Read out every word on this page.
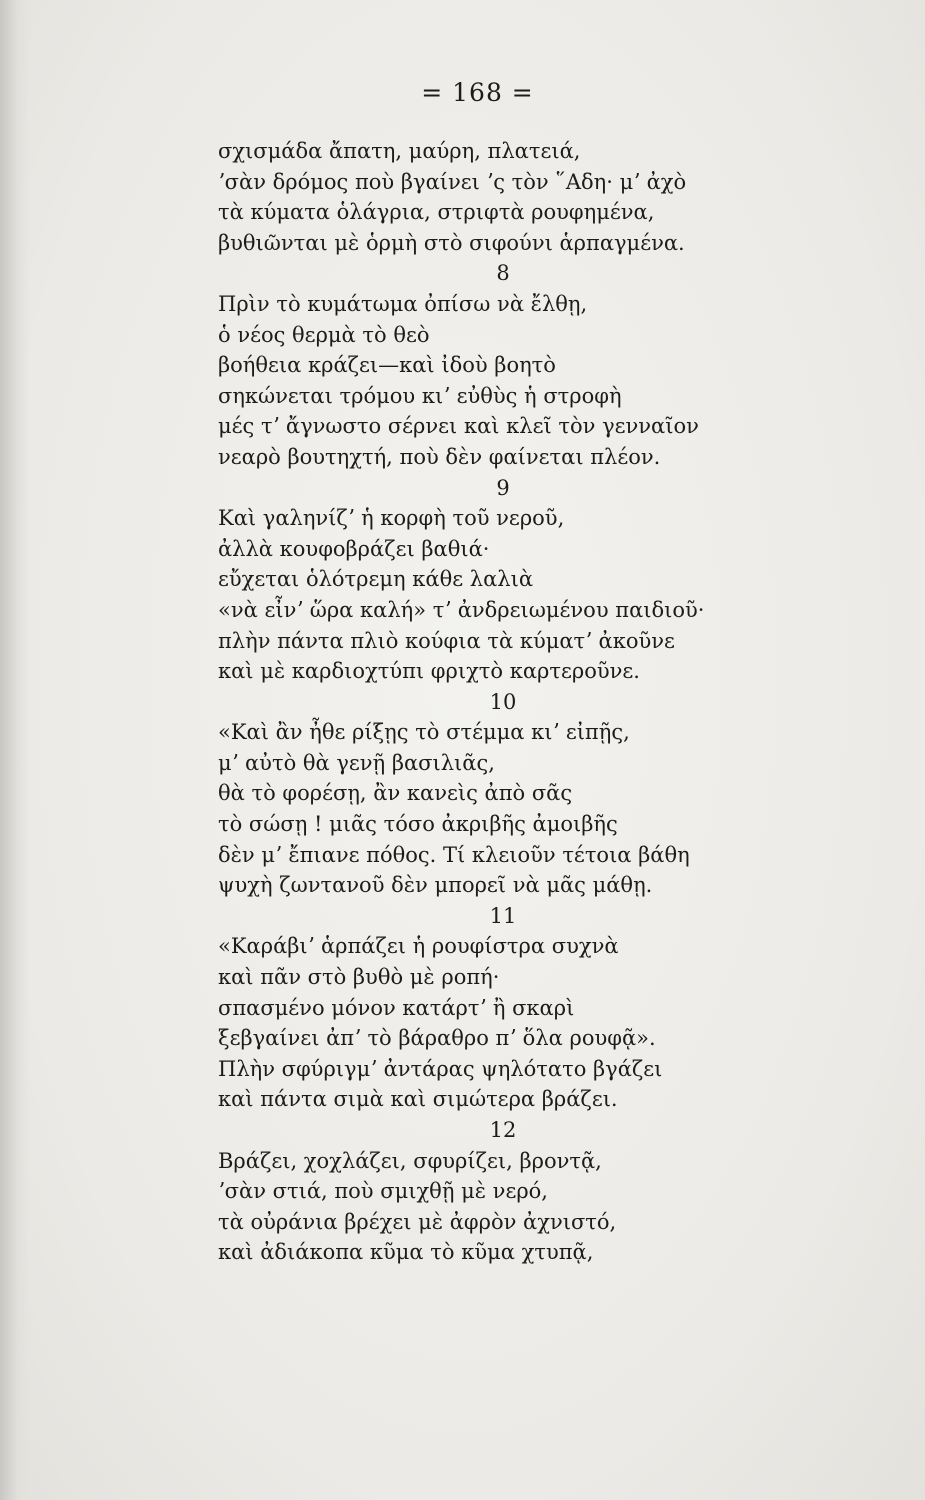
= 168 =
σχισμάδα ἄπατη, μαύρη, πλατειά,
ʼσὰν δρόμος ποὺ βγαίνει ʼς τὸν ῞Αδη· μʼ ἀχὸ
τὰ κύματα ὁλάγρια, στριφτὰ ρουφημένα,
βυθιῶνται μὲ ὁρμὴ στὸ σιφούνι ἁρπαγμένα.
8
Πρὶν τὸ κυμάτωμα ὀπίσω νὰ ἔλθῃ,
ὁ νέος θερμὰ τὸ θεὸ
βοήθεια κράζει—καὶ ἰδοὺ βοητὸ
σηκώνεται τρόμου κιʼ εὐθὺς ἡ στροφὴ
μές τʼ ἄγνωστο σέρνει καὶ κλεῖ τὸν γενναῖον
νεαρὸ βουτηχτή, ποὺ δὲν φαίνεται πλέον.
9
Καὶ γαληνίζʼ ἡ κορφὴ τοῦ νεροῦ,
ἀλλὰ κουφοβράζει βαθιά·
εὔχεται ὁλότρεμη κάθε λαλιὰ
«νὰ εἶνʼ ὥρα καλή» τʼ ἀνδρειωμένου παιδιοῦ·
πλὴν πάντα πλιὸ κούφια τὰ κύματʼ ἀκοῦνε
καὶ μὲ καρδιοχτύπι φριχτὸ καρτεροῦνε.
10
«Καὶ ἂν ἦθε ρίξῃς τὸ στέμμα κιʼ εἰπῇς,
μʼ αὐτὸ θὰ γενῇ βασιλιᾶς,
θὰ τὸ φορέσῃ, ἂν κανεὶς ἀπὸ σᾶς
τὸ σώσῃ ! μιᾶς τόσο ἀκριβῆς ἀμοιβῆς
δὲν μʼ ἔπιανε πόθος. Τί κλειοῦν τέτοια βάθη
ψυχὴ ζωντανοῦ δὲν μπορεῖ νὰ μᾶς μάθῃ.
11
«Καράβιʼ ἁρπάζει ἡ ρουφίστρα συχνὰ
καὶ πᾶν στὸ βυθὸ μὲ ροπή·
σπασμένο μόνον κατάρτʼ ἢ σκαρὶ
ξεβγαίνει ἀπʼ τὸ βάραθρο πʼ ὅλα ρουφᾷ».
Πλὴν σφύριγμʼ ἀντάρας ψηλότατο βγάζει
καὶ πάντα σιμὰ καὶ σιμώτερα βράζει.
12
Βράζει, χοχλάζει, σφυρίζει, βροντᾷ,
ʼσὰν στιά, ποὺ σμιχθῇ μὲ νερό,
τὰ οὐράνια βρέχει μὲ ἀφρὸν ἀχνιστό,
καὶ ἀδιάκοπα κῦμα τὸ κῦμα χτυπᾷ,
